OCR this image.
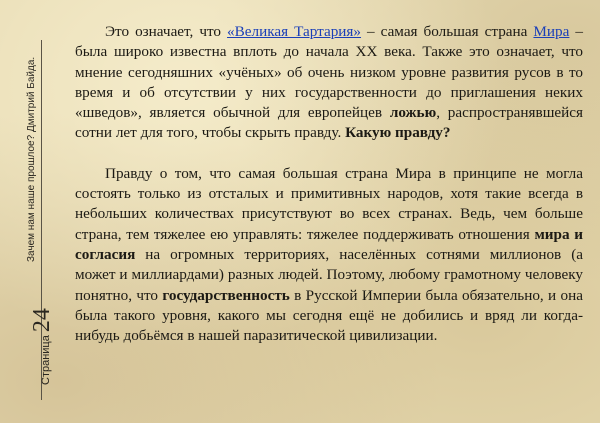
Зачем нам наше прошлое? Дмитрий Байда.
Страница
24

Это означает, что «Великая Тартария» – самая большая страна Мира – была широко известна вплоть до начала XX века. Также это означает, что мнение сегодняшних «учёных» об очень низком уровне развития русов в то время и об отсутствии у них государственности до приглашения неких «шведов», является обычной для европейцев ложью, распространявшейся сотни лет для того, чтобы скрыть правду. Какую правду?

Правду о том, что самая большая страна Мира в принципе не могла состоять только из отсталых и примитивных народов, хотя такие всегда в небольших количествах присутствуют во всех странах. Ведь, чем больше страна, тем тяжелее ею управлять: тяжелее поддерживать отношения мира и согласия на огромных территориях, населённых сотнями миллионов (а может и миллиардами) разных людей. Поэтому, любому грамотному человеку понятно, что государственность в Русской Империи была обязательно, и она была такого уровня, какого мы сегодня ещё не добились и вряд ли когда-нибудь добьёмся в нашей паразитической цивилизации.
